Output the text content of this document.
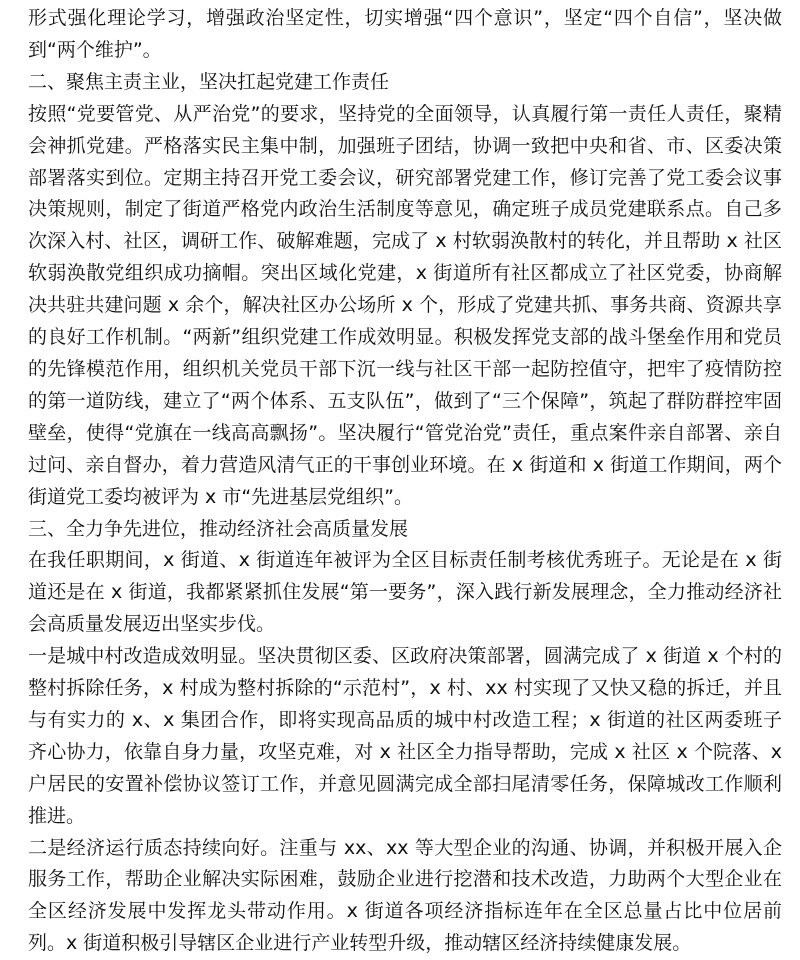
形式强化理论学习，增强政治坚定性，切实增强“四个意识”，坚定“四个自信”，坚决做到“两个维护”。

二、聚焦主责主业，坚决扛起党建工作责任

按照“党要管党、从严治党”的要求，坚持党的全面领导，认真履行第一责任人责任，聚精会神抓党建。严格落实民主集中制，加强班子团结，协调一致把中央和省、市、区委决策部署落实到位。定期主持召开党工委会议，研究部署党建工作，修订完善了党工委会议事决策规则，制定了街道严格党内政治生活制度等意见，确定班子成员党建联系点。自己多次深入村、社区，调研工作、破解难题，完成了 x 村软弱涣散村的转化，并且帮助 x 社区软弱涣散党组织成功摘帽。突出区域化党建，x 街道所有社区都成立了社区党委，协商解决共驻共建问题 x 余个，解决社区办公场所 x 个，形成了党建共抓、事务共商、资源共享的良好工作机制。“两新”组织党建工作成效明显。积极发挥党支部的战斗堡垒作用和党员的先锋模范作用，组织机关党员干部下沉一线与社区干部一起防控值守，把牢了疫情防控的第一道防线，建立了“两个体系、五支队伍”，做到了“三个保障”，筑起了群防群控牢固壁垒，使得“党旗在一线高高飘扬”。坚决履行“管党治党”责任，重点案件亲自部署、亲自过问、亲自督办，着力营造风清气正的干事创业环境。在 x 街道和 x 街道工作期间，两个街道党工委均被评为 x 市“先进基层党组织”。

三、全力争先进位，推动经济社会高质量发展

在我任职期间，x 街道、x 街道连年被评为全区目标责任制考核优秀班子。无论是在 x 街道还是在 x 街道，我都紧紧抓住发展“第一要务”，深入践行新发展理念，全力推动经济社会高质量发展迈出坚实步伐。

一是城中村改造成效明显。坚决贯彻区委、区政府决策部署，圆满完成了 x 街道 x 个村的整村拆除任务，x 村成为整村拆除的“示范村”，x 村、xx 村实现了又快又稳的拆迁，并且与有实力的 x、x 集团合作，即将实现高品质的城中村改造工程；x 街道的社区两委班子齐心协力，依靠自身力量，攻坚克难，对 x 社区全力指导帮助，完成 x 社区 x 个院落、x 户居民的安置补偿协议签订工作，并意见圆满完成全部扫尾清零任务，保障城改工作顺利推进。

二是经济运行质态持续向好。注重与 xx、xx 等大型企业的沟通、协调，并积极开展入企服务工作，帮助企业解决实际困难，鼓励企业进行挖潜和技术改造，力助两个大型企业在全区经济发展中发挥龙头带动作用。x 街道各项经济指标连年在全区总量占比中位居前列。x 街道积极引导辖区企业进行产业转型升级，推动辖区经济持续健康发展。
